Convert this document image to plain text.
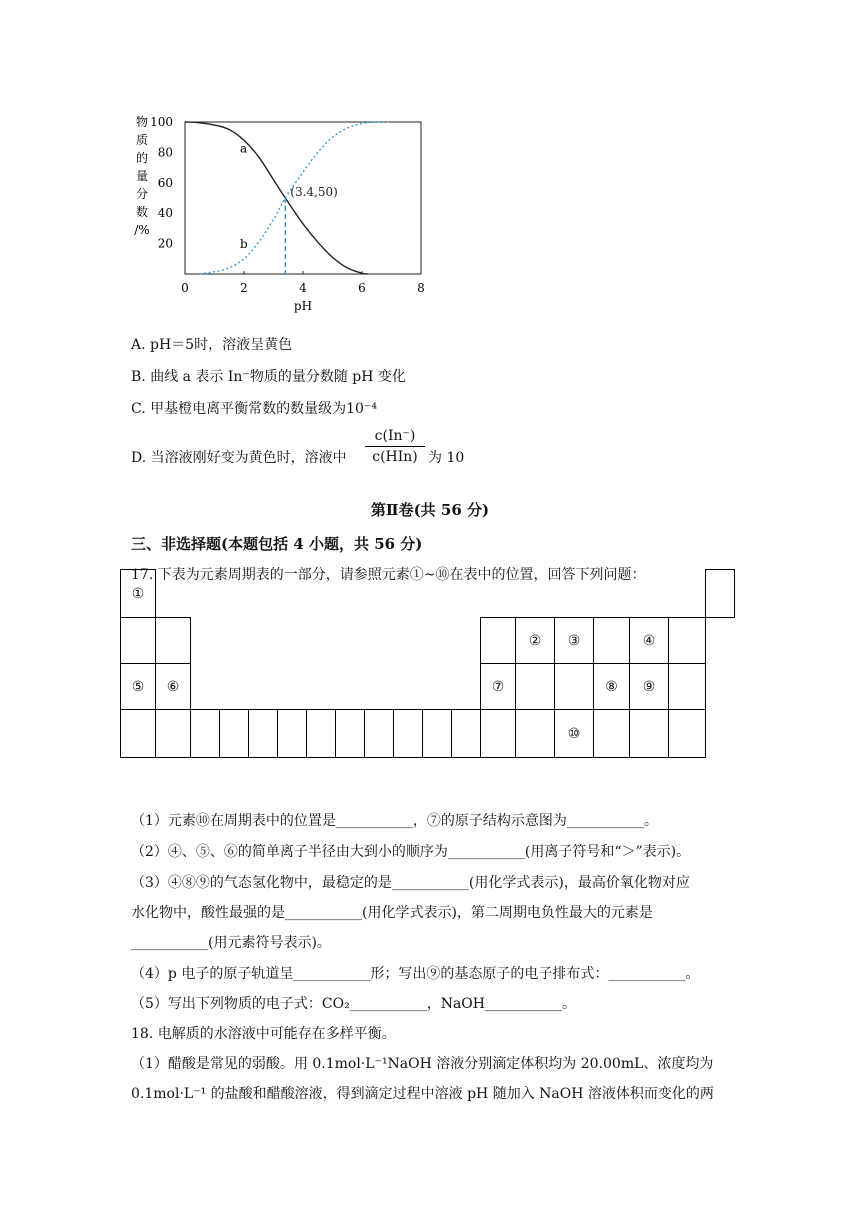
物
质
的
量
分
数
/%
100
80
60
40
20
0	2	4	6	8
a
b
(3.4,50)
pH
A. pH＝5时，溶液呈黄色
B. 曲线 a 表示 In⁻物质的量分数随 pH 变化
C. 甲基橙电离平衡常数的数量级为10⁻⁴
D. 当溶液刚好变为黄色时，溶液中
c(In⁻)
c(HIn) 为 10
第Ⅱ卷(共 56 分)
三、非选择题(本题包括 4 小题，共 56 分)
17. 下表为元素周期表的一部分，请参照元素①~⑩在表中的位置，回答下列问题：
①																		
													②	③		④		
⑤	⑥											⑦			⑧	⑨		
														⑩				
（1）元素⑩在周期表中的位置是___________，⑦的原子结构示意图为___________。
（2）④、⑤、⑥的简单离子半径由大到小的顺序为___________(用离子符号和“＞”表示)。
（3）④⑧⑨的气态氢化物中，最稳定的是___________(用化学式表示)，最高价氧化物对应
水化物中，酸性最强的是___________(用化学式表示)，第二周期电负性最大的元素是
___________(用元素符号表示)。
（4）p 电子的原子轨道呈___________形；写出⑨的基态原子的电子排布式：___________。
（5）写出下列物质的电子式：CO₂___________，NaOH___________。
18. 电解质的水溶液中可能存在多样平衡。
（1）醋酸是常见的弱酸。用 0.1mol·L⁻¹NaOH 溶液分别滴定体积均为 20.00mL、浓度均为
0.1mol·L⁻¹ 的盐酸和醋酸溶液，得到滴定过程中溶液 pH 随加入 NaOH 溶液体积而变化的两
